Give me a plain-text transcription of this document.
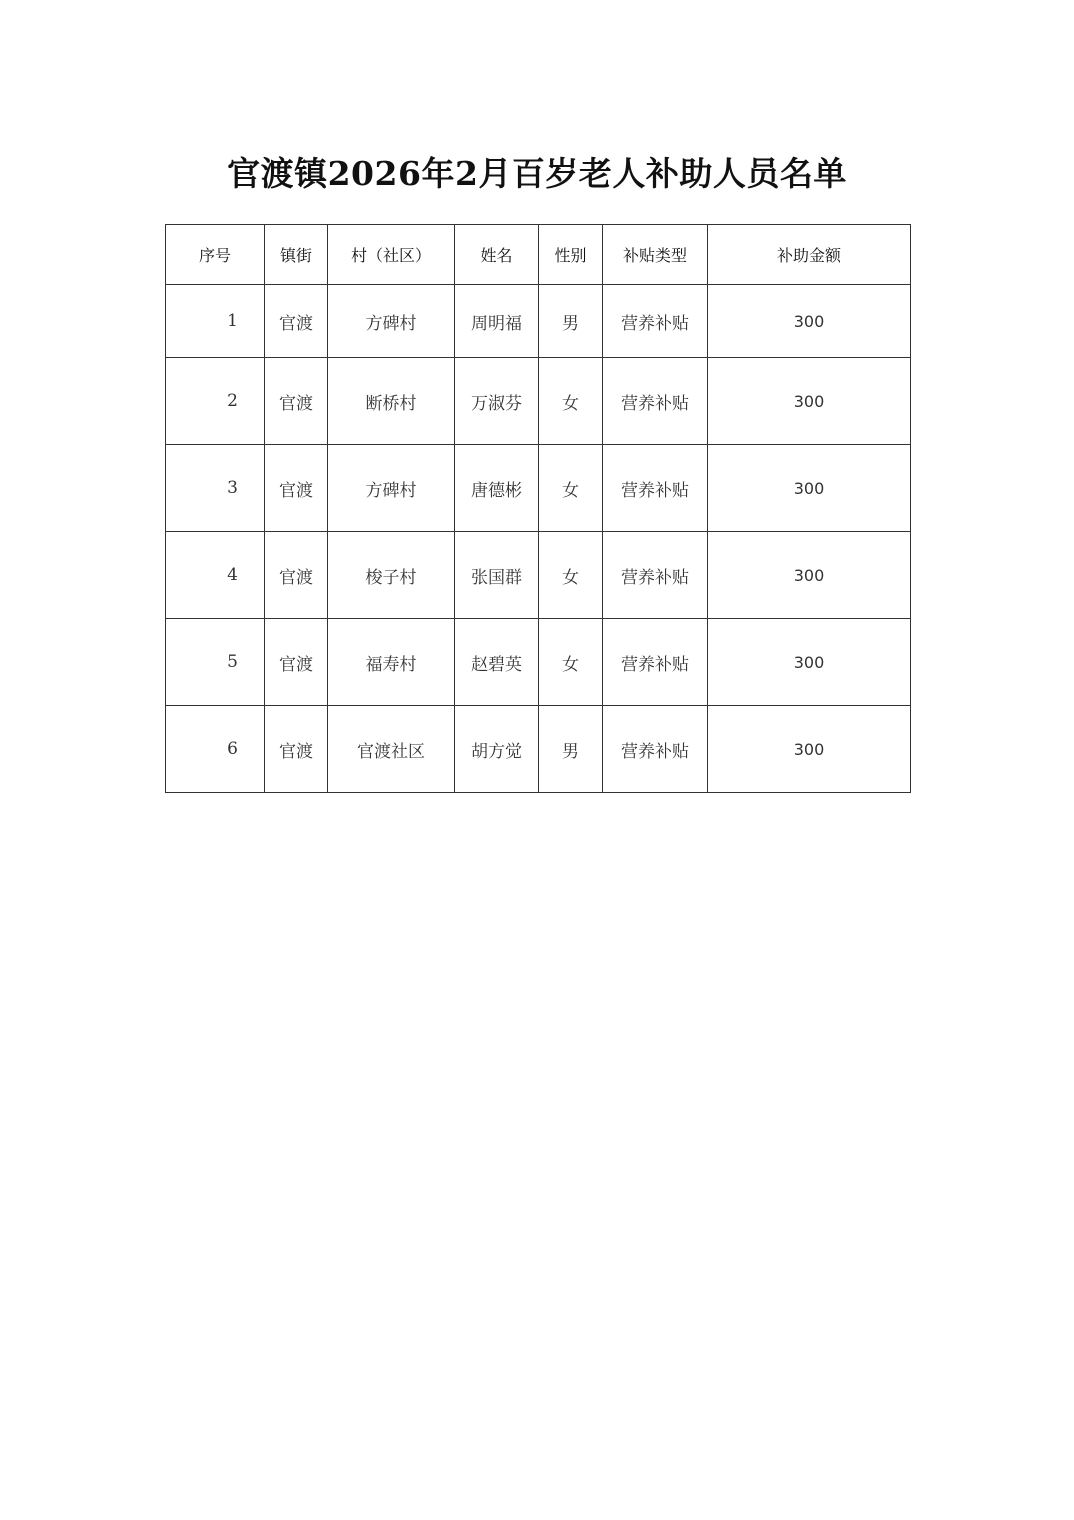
官渡镇2026年2月百岁老人补助人员名单
序号	镇街	村（社区）	姓名	性别	补贴类型	补助金额
1	官渡	方碑村	周明福	男	营养补贴	300
2	官渡	断桥村	万淑芬	女	营养补贴	300
3	官渡	方碑村	唐德彬	女	营养补贴	300
4	官渡	梭子村	张国群	女	营养补贴	300
5	官渡	福寿村	赵碧英	女	营养补贴	300
6	官渡	官渡社区	胡方觉	男	营养补贴	300
